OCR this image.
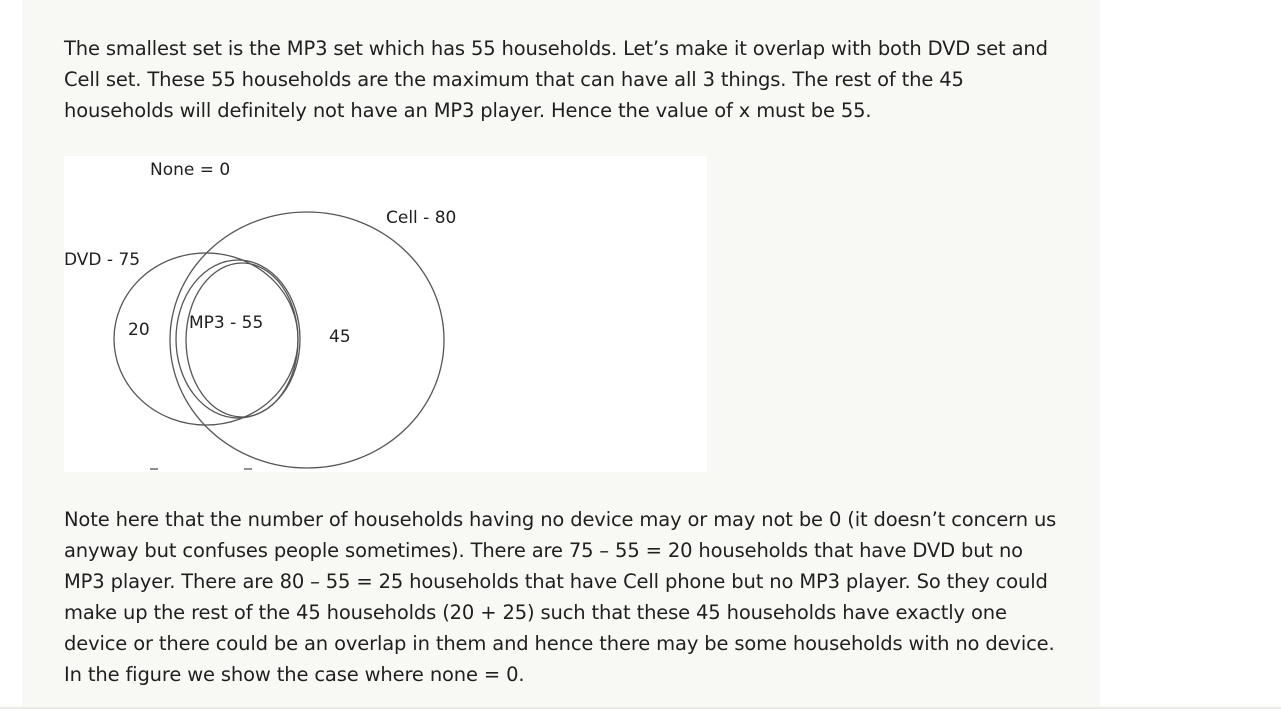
The smallest set is the MP3 set which has 55 households. Let’s make it overlap with both DVD set and Cell set. These 55 households are the maximum that can have all 3 things. The rest of the 45 households will definitely not have an MP3 player. Hence the value of x must be 55.
None = 0
Cell - 80
DVD - 75
20 MP3 - 55
45
Note here that the number of households having no device may or may not be 0 (it doesn’t concern us anyway but confuses people sometimes). There are 75 – 55 = 20 households that have DVD but no MP3 player. There are 80 – 55 = 25 households that have Cell phone but no MP3 player. So they could make up the rest of the 45 households (20 + 25) such that these 45 households have exactly one device or there could be an overlap in them and hence there may be some households with no device. In the figure we show the case where none = 0.
